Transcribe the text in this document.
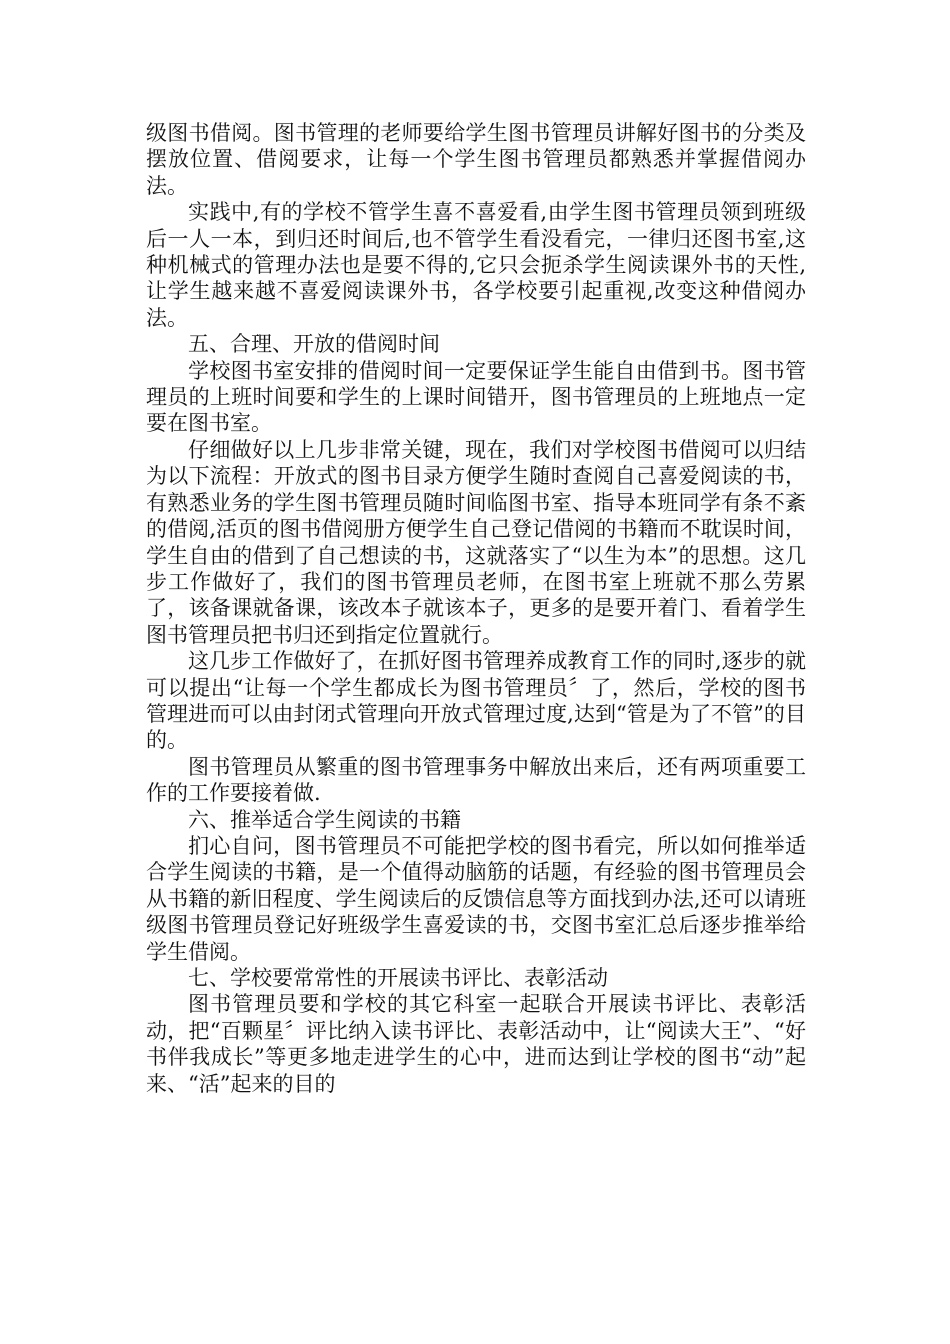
级图书借阅。图书管理的老师要给学生图书管理员讲解好图书的分类及摆放位置、借阅要求，让每一个学生图书管理员都熟悉并掌握借阅办法。

实践中,有的学校不管学生喜不喜爱看,由学生图书管理员领到班级后一人一本，到归还时间后,也不管学生看没看完，一律归还图书室,这种机械式的管理办法也是要不得的,它只会扼杀学生阅读课外书的天性,让学生越来越不喜爱阅读课外书，各学校要引起重视,改变这种借阅办法。

五、合理、开放的借阅时间

学校图书室安排的借阅时间一定要保证学生能自由借到书。图书管理员的上班时间要和学生的上课时间错开，图书管理员的上班地点一定要在图书室。

仔细做好以上几步非常关键，现在，我们对学校图书借阅可以归结为以下流程：开放式的图书目录方便学生随时查阅自己喜爱阅读的书，有熟悉业务的学生图书管理员随时间临图书室、指导本班同学有条不紊的借阅,活页的图书借阅册方便学生自己登记借阅的书籍而不耽误时间，学生自由的借到了自己想读的书，这就落实了“以生为本”的思想。这几步工作做好了，我们的图书管理员老师，在图书室上班就不那么劳累了，该备课就备课，该改本子就该本子，更多的是要开着门、看着学生图书管理员把书归还到指定位置就行。

这几步工作做好了，在抓好图书管理养成教育工作的同时,逐步的就可以提出“让每一个学生都成长为图书管理员〞了，然后，学校的图书管理进而可以由封闭式管理向开放式管理过度,达到“管是为了不管”的目的。

图书管理员从繁重的图书管理事务中解放出来后，还有两项重要工作的工作要接着做.

六、推举适合学生阅读的书籍

扪心自问，图书管理员不可能把学校的图书看完，所以如何推举适合学生阅读的书籍，是一个值得动脑筋的话题，有经验的图书管理员会从书籍的新旧程度、学生阅读后的反馈信息等方面找到办法,还可以请班级图书管理员登记好班级学生喜爱读的书，交图书室汇总后逐步推举给学生借阅。

七、学校要常常性的开展读书评比、表彰活动

图书管理员要和学校的其它科室一起联合开展读书评比、表彰活动，把“百颗星〞评比纳入读书评比、表彰活动中，让“阅读大王”、“好书伴我成长”等更多地走进学生的心中，进而达到让学校的图书“动”起来、“活”起来的目的
